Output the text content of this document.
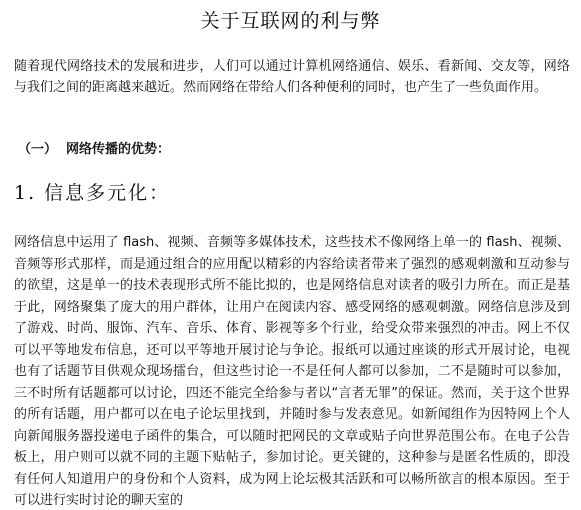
关于互联网的利与弊

随着现代网络技术的发展和进步，人们可以通过计算机网络通信、娱乐、看新闻、交友等，网络与我们之间的距离越来越近。然而网络在带给人们各种便利的同时，也产生了一些负面作用。

（一） 网络传播的优势：
1. 信息多元化：

网络信息中运用了 flash、视频、音频等多媒体技术，这些技术不像网络上单一的 flash、视频、音频等形式那样，而是通过组合的应用配以精彩的内容给读者带来了强烈的感观刺激和互动参与的欲望，这是单一的技术表现形式所不能比拟的，也是网络信息对读者的吸引力所在。而正是基于此，网络聚集了庞大的用户群体，让用户在阅读内容、感受网络的感观刺激。网络信息涉及到了游戏、时尚、服饰、汽车、音乐、体育、影视等多个行业，给受众带来强烈的冲击。网上不仅可以平等地发布信息，还可以平等地开展讨论与争论。报纸可以通过座谈的形式开展讨论，电视也有了话题节目供观众现场擂台，但这些讨论一不是任何人都可以参加，二不是随时可以参加，三不时所有话题都可以讨论，四还不能完全给参与者以“言者无罪”的保证。然而，关于这个世界的所有话题，用户都可以在电子论坛里找到，并随时参与发表意见。如新闻组作为因特网上个人向新闻服务器投递电子函件的集合，可以随时把网民的文章或贴子向世界范围公布。在电子公告板上，用户则可以就不同的主题下贴帖子，参加讨论。更关键的，这种参与是匿名性质的，即没有任何人知道用户的身份和个人资料，成为网上论坛极其活跃和可以畅所欲言的根本原因。至于可以进行实时讨论的聊天室的
